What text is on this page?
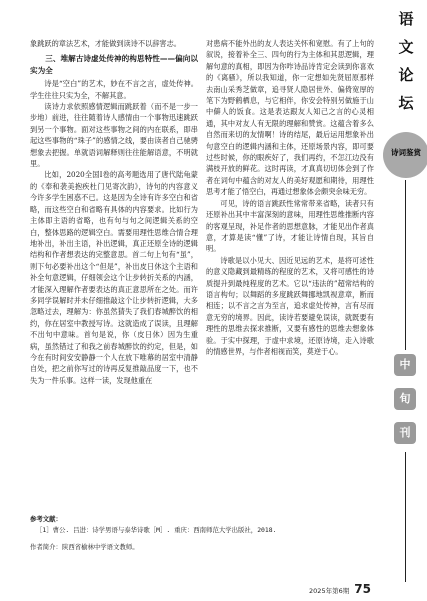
象跳跃的章法艺术，才能做到读诗不以辞害志。

三、堆解古诗虚处传神的构思特性——偏向以实为全

诗是“空白”的艺术，妙在不言之言，虚处传神。学生往往只实为全，不解其意。

读诗力求依照感情逻辑而跳跃着（而不是一步一步地）前进，往往随着诗人感情由一个事物迅速跳跃到另一个事物。面对这些事物之间的内在联系，即串起这些事物的“珠子”的感情之线，要由读者自己驰骋想象去把握。单就语词解释则往往能解语意，不明就里。

比如，2020全国Ⅰ卷的高考题选用了唐代陆龟蒙的《奉和袭美抱疾杜门见寄次韵》，诗句的内容意义今许多学生困惑不已。这是因为全诗有许多空白和省略，而这些空白和省略有具体的内容要求。比如行为主体即主语的省略，也有句与句之间逻辑关系的空白，整体思路的逻辑空白。需要用理性思维合情合理地补出，补出主语，补出逻辑，真正还原全诗的逻辑结构和作者想表达的完整意思。首二句上句有“虽”，则下句必要补出这个“但是”，补出皮日休这个主语和补全句意逻辑，仔细领会这个让步转折关系的内涵，才能深入理解作者要表达的真正意思所在之处。而许多同学误解时并未仔细推敲这个让步转折逻辑，大多忽略过去，理解为：你虽然猜失了我们春城醉饮的相约，你在居室中教授写诗。这就造成了误读，且理解不出句中意味。首句是说，你（皮日休）因为生重病，虽然错过了和我之前春城醉饮的约定，但是，如今在有时间安安静静一个人在放下唯幕的居室中清静自处，把之前你写过的诗再反复推敲品度一下，也不失为一件乐事。这样一读，发现他重在

对患病不能外出的友人表达关怀和宽慰。有了上句的叙说，接着补全三、四句的行为主体和其思逻辑，理解句意的真相，即因为你咋诗品诗肯定会读到你喜欢的《离骚》，所以我知道，你一定想如先贤屈原那样去南山采秀芝做章，追寻贤人隐居世外、偏倚宽厚的笔下为野鹤栖息，与它相伴，你安会特别另做施于山中僻人的饭食。这是表达跟友人知己之言的心灵相通，其中对友人有无限的理解和赞赏。这蕴含着多么自然而来切的友情啊！诗的结尾，最后运用想象补出句意空白的逻辑内涵和主体，还原场景内容，即可要过些时候，你的眼疾好了，我们再约，不怎江边没有满枝开放的鲜花。这时再读，才真真切切体会到了作者在词句中蕴含的对友人的美好观愿和期待，用理性思考才能了悟空白，再通过想象体会颇突余味无穷。

可见，诗的语言跳跃性常常带来省略，读者只有还原补出其中丰富深刻的意味，用理性思维推断内容的客观呈现，补足作者的思想意脉，才能见出作者真意，才算是读“懂”了诗，才能让诗情自现，其旨自明。

诗歌是以小见大、因近见远的艺术，是将可述性的意义隐藏到最精练的程度的艺术，又将可感性的诗质提升到最纯程度的艺术。它以“违法的”超常结构的语言构句；以舞蹈的多度跳跃舞挪地凯视意章，断而相连；以不言之言为至言，追求虚处传神，言有尽而意无穷的境界。因此，读诗若要避免误读，就既要有理性的思维去探求推断，又要有感性的思维去想象体验。于实中探理，于虚中求境，还原诗境，走入诗歌的情感世界，与作者相视而笑，莫逆于心。

语
文
论
坛
诗词鉴赏
中
旬
刊
参考文献：
［1］曹公. 吕进：诗学男语与泰华诗歌［M］. 重庆：西南师范大学出版社，2018.
作者简介：陕西省榆林中学语文教师。
2025年第6期 75
